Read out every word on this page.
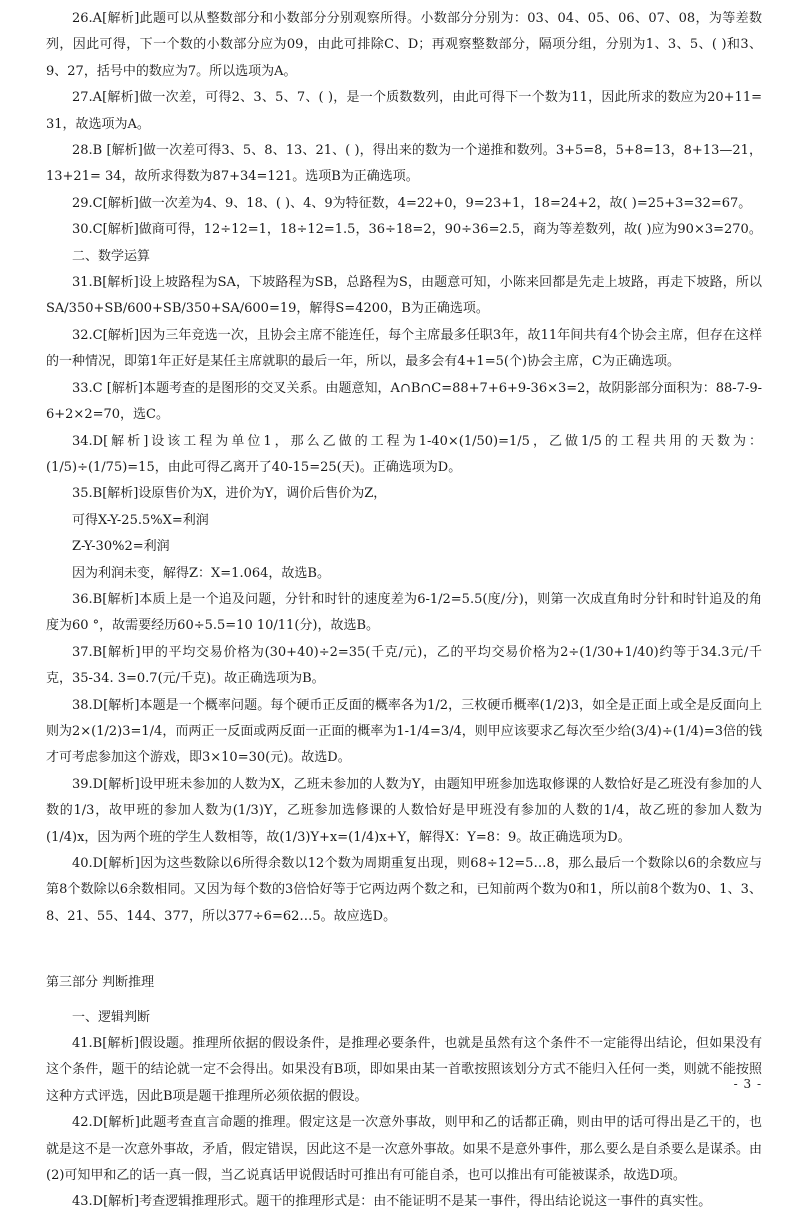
26.A[解析]此题可以从整数部分和小数部分分别观察所得。小数部分分别为：03、04、05、06、07、08，为等差数列，因此可得，下一个数的小数部分应为09，由此可排除C、D；再观察整数部分，隔项分组，分别为1、3、5、( )和3、9、27，括号中的数应为7。所以选项为A。

27.A[解析]做一次差，可得2、3、5、7、( )，是一个质数数列，由此可得下一个数为11，因此所求的数应为20+11= 31，故选项为A。

28.B [解析]做一次差可得3、5、8、13、21、( )，得出来的数为一个递推和数列。3+5=8，5+8=13，8+13—21，13+21= 34，故所求得数为87+34=121。选项B为正确选项。

29.C[解析]做一次差为4、9、18、( )、4、9为特征数，4=22+0，9=23+1，18=24+2，故( )=25+3=32=67。

30.C[解析]做商可得，12÷12=1，18÷12=1.5，36÷18=2，90÷36=2.5，商为等差数列，故( )应为90×3=270。

二、数学运算

31.B[解析]设上坡路程为SA，下坡路程为SB，总路程为S，由题意可知，小陈来回都是先走上坡路，再走下坡路，所以SA/350+SB/600+SB/350+SA/600=19，解得S=4200，B为正确选项。

32.C[解析]因为三年竞选一次，且协会主席不能连任，每个主席最多任职3年，故11年间共有4个协会主席，但存在这样的一种情况，即第1年正好是某任主席就职的最后一年，所以，最多会有4+1=5(个)协会主席，C为正确选项。

33.C [解析]本题考查的是图形的交叉关系。由题意知，A∩B∩C=88+7+6+9-36×3=2，故阴影部分面积为：88-7-9-6+2×2=70，选C。

34.D[解析]设该工程为单位1，那么乙做的工程为1-40×(1/50)=1/5，乙做1/5的工程共用的天数为：(1/5)÷(1/75)=15，由此可得乙离开了40-15=25(天)。正确选项为D。

35.B[解析]设原售价为X，进价为Y，调价后售价为Z，

可得X-Y-25.5%X=利润

Z-Y-30%2=利润

因为利润未变，解得Z：X=1.064，故选B。

36.B[解析]本质上是一个追及问题，分针和时针的速度差为6-1/2=5.5(度/分)，则第一次成直角时分针和时针追及的角度为60 °，故需要经历60÷5.5=10 10/11(分)，故选B。

37.B[解析]甲的平均交易价格为(30+40)÷2=35(千克/元)，乙的平均交易价格为2÷(1/30+1/40)约等于34.3元/千克，35-34. 3=0.7(元/千克)。故正确选项为B。

38.D[解析]本题是一个概率问题。每个硬币正反面的概率各为1/2，三枚硬币概率(1/2)3，如全是正面上或全是反面向上则为2×(1/2)3=1/4，而两正一反面或两反面一正面的概率为1-1/4=3/4，则甲应该要求乙每次至少给(3/4)÷(1/4)=3倍的钱才可考虑参加这个游戏，即3×10=30(元)。故选D。

39.D[解析]设甲班未参加的人数为X，乙班未参加的人数为Y，由题知甲班参加选取修课的人数恰好是乙班没有参加的人数的1/3，故甲班的参加人数为(1/3)Y，乙班参加选修课的人数恰好是甲班没有参加的人数的1/4，故乙班的参加人数为(1/4)x，因为两个班的学生人数相等，故(1/3)Y+x=(1/4)x+Y，解得X：Y=8：9。故正确选项为D。

40.D[解析]因为这些数除以6所得余数以12个数为周期重复出现，则68÷12=5…8，那么最后一个数除以6的余数应与第8个数除以6余数相同。又因为每个数的3倍恰好等于它两边两个数之和，已知前两个数为0和1，所以前8个数为0、1、3、8、21、55、144、377，所以377÷6=62…5。故应选D。

第三部分 判断推理

一、逻辑判断

41.B[解析]假设题。推理所依据的假设条件，是推理必要条件，也就是虽然有这个条件不一定能得出结论，但如果没有这个条件，题干的结论就一定不会得出。如果没有B项，即如果由某一首歌按照该划分方式不能归入任何一类，则就不能按照这种方式评选，因此B项是题干推理所必须依据的假设。

42.D[解析]此题考查直言命题的推理。假定这是一次意外事故，则甲和乙的话都正确，则由甲的话可得出是乙干的，也就是这不是一次意外事故，矛盾，假定错误，因此这不是一次意外事故。如果不是意外事件，那么要么是自杀要么是谋杀。由(2)可知甲和乙的话一真一假，当乙说真话甲说假话时可推出有可能自杀，也可以推出有可能被谋杀，故选D项。

43.D[解析]考查逻辑推理形式。题干的推理形式是：由不能证明不是某一事件，得出结论说这一事件的真实性。

- 3 -
